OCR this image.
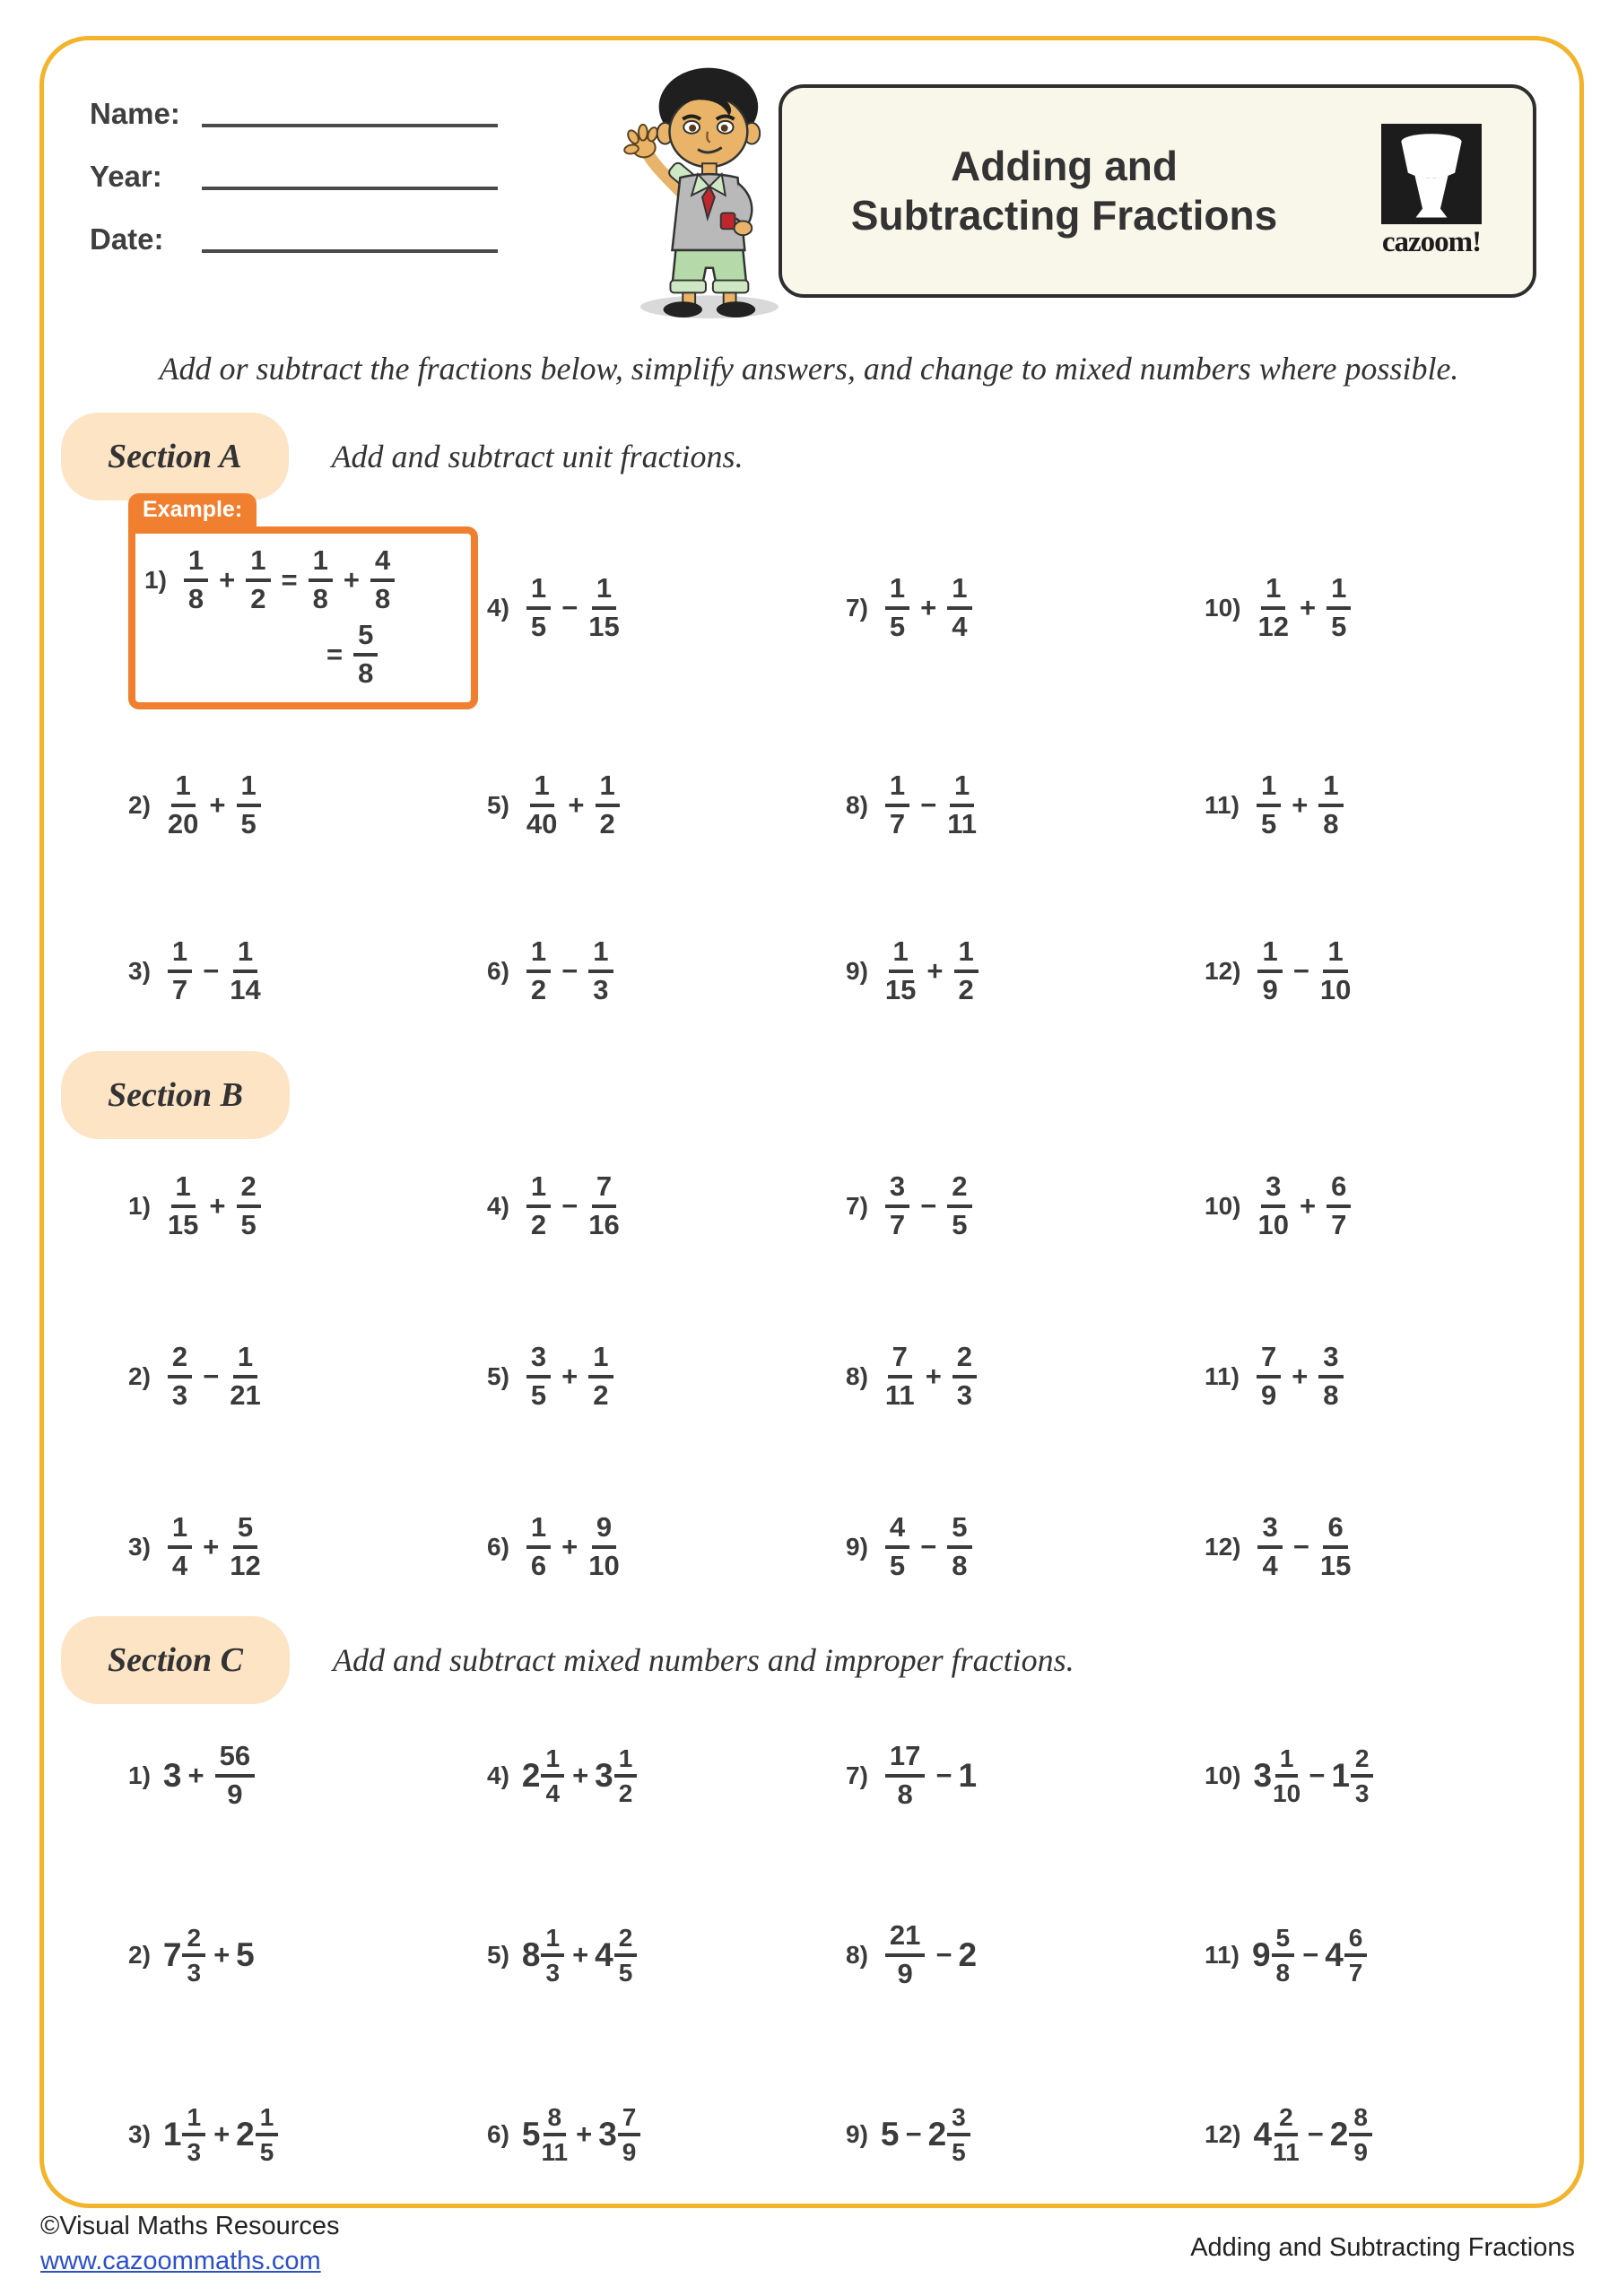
Name:
Year:
Date:
Adding and
Subtracting Fractions
cazoom!
Add or subtract the fractions below, simplify answers, and change to mixed numbers where possible.
Section A	Add and subtract unit fractions.
Example:
$1) \frac{1}{8} + \frac{1}{2} = \frac{1}{8} + \frac{4}{8}$
= $\frac{5}{8}$
$2) \frac{1}{20} + \frac{1}{5}$
$3) \frac{1}{7} - \frac{1}{14}$
$4) \frac{1}{5} - \frac{1}{15}$
$5) \frac{1}{40} + \frac{1}{2}$
$6) \frac{1}{2} - \frac{1}{3}$
$7) \frac{1}{5} + \frac{1}{4}$
$8) \frac{1}{7} - \frac{1}{11}$
$9) \frac{1}{15} + \frac{1}{2}$
$10) \frac{1}{12} + \frac{1}{5}$
$11) \frac{1}{5} + \frac{1}{8}$
$12) \frac{1}{9} - \frac{1}{10}$
Section B
$1) \frac{1}{15} + \frac{2}{5}$
$2) \frac{2}{3} - \frac{1}{21}$
$3) \frac{1}{4} + \frac{5}{12}$
$4) \frac{1}{2} - \frac{7}{16}$
$5) \frac{3}{5} + \frac{1}{2}$
$6) \frac{1}{6} + \frac{9}{10}$
$7) \frac{3}{7} - \frac{2}{5}$
$8) \frac{7}{11} + \frac{2}{3}$
$9) \frac{4}{5} - \frac{5}{8}$
$10) \frac{3}{10} + \frac{6}{7}$
$11) \frac{7}{9} + \frac{3}{8}$
$12) \frac{3}{4} - \frac{6}{15}$
Section C	Add and subtract mixed numbers and improper fractions.
1) $3 + \frac{56}{9}$
2) $7 \frac{2}{3} + 5$
3) $1 \frac{1}{3} + 2 \frac{1}{5}$
4) $2 \frac{1}{4} + 3 \frac{1}{2}$
5) $8 \frac{1}{3} + 4 \frac{2}{5}$
6) $5 \frac{8}{11} + 3 \frac{7}{9}$
$7) \frac{17}{8} - 1$
$8) \frac{21}{9} - 2$
9) $5 - 2 \frac{3}{5}$
10) $3 \frac{1}{10} - 1 \frac{2}{3}$
11) $9 \frac{5}{8} - 4 \frac{6}{7}$
12) $4 \frac{2}{11} - 2 \frac{8}{9}$
©Visual Maths Resources
www.cazoommaths.com	Adding and Subtracting Fractions
